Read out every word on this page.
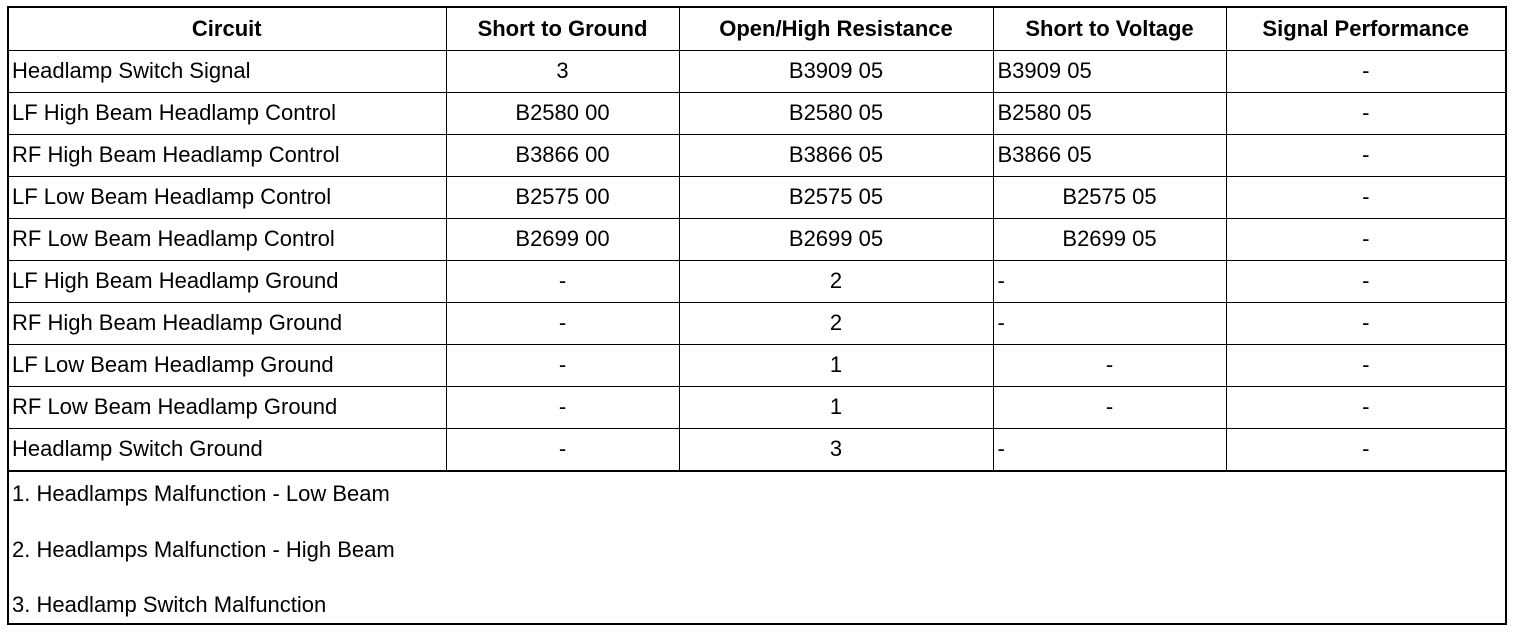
Circuit	Short to Ground	Open/High Resistance	Short to Voltage	Signal Performance
Headlamp Switch Signal	3	B3909 05	B3909 05	-
LF High Beam Headlamp Control	B2580 00	B2580 05	B2580 05	-
RF High Beam Headlamp Control	B3866 00	B3866 05	B3866 05	-
LF Low Beam Headlamp Control	B2575 00	B2575 05	B2575 05	-
RF Low Beam Headlamp Control	B2699 00	B2699 05	B2699 05	-
LF High Beam Headlamp Ground	-	2	-	-
RF High Beam Headlamp Ground	-	2	-	-
LF Low Beam Headlamp Ground	-	1	-	-
RF Low Beam Headlamp Ground	-	1	-	-
Headlamp Switch Ground	-	3	-	-
1. Headlamps Malfunction - Low Beam
2. Headlamps Malfunction - High Beam
3. Headlamp Switch Malfunction
